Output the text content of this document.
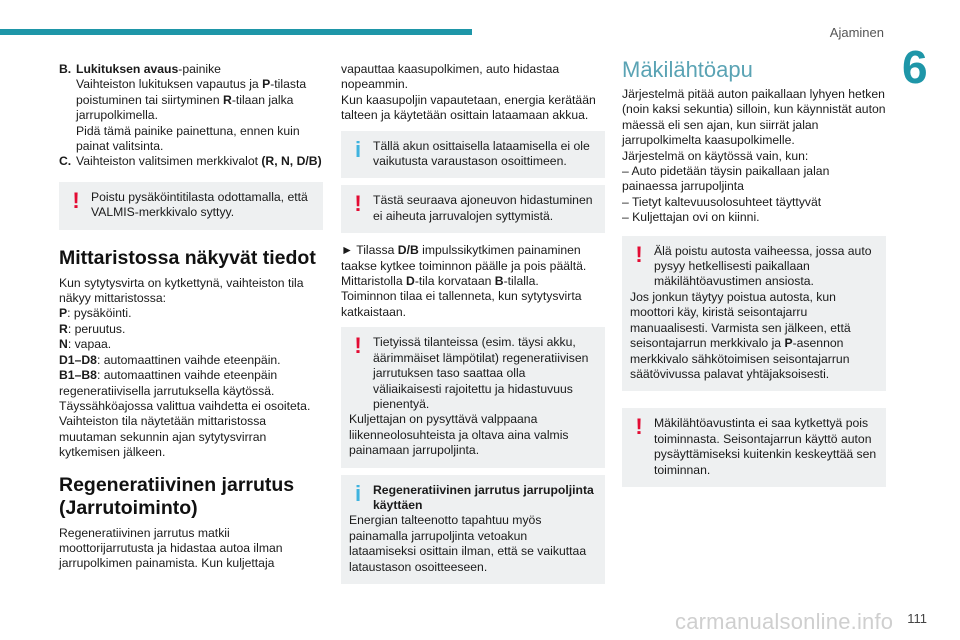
Ajaminen
6
B. Lukituksen avaus-painike

Vaihteiston lukituksen vapautus ja P-tilasta poistuminen tai siirtyminen R-tilaan jalka jarrupolkimella.

Pidä tämä painike painettuna, ennen kuin painat valitsinta.

C. Vaihteiston valitsimen merkkivalot (R, N, D/B)
! Poistu pysäköintitilasta odottamalla, että VALMIS-merkkivalo syttyy.

Mittaristossa näkyvät tiedot

Kun sytytysvirta on kytkettynä, vaihteiston tila näkyy mittaristossa:

P: pysäköinti.

R: peruutus.

N: vapaa.

D1–D8: automaattinen vaihde eteenpäin.

B1–B8: automaattinen vaihde eteenpäin regeneratiivisella jarrutuksella käytössä.

Täyssähköajossa valittua vaihdetta ei osoiteta.

Vaihteiston tila näytetään mittaristossa muutaman sekunnin ajan sytytysvirran kytkemisen jälkeen.

Regeneratiivinen jarrutus (Jarrutoiminto)

Regeneratiivinen jarrutus matkii moottorijarrutusta ja hidastaa autoa ilman jarrupolkimen painamista. Kun kuljettaja

vapauttaa kaasupolkimen, auto hidastaa nopeammin.

Kun kaasupoljin vapautetaan, energia kerätään talteen ja käytetään osittain lataamaan akkua.

i Tällä akun osittaisella lataamisella ei ole vaikutusta varaustason osoittimeen.

! Tästä seuraava ajoneuvon hidastuminen ei aiheuta jarruvalojen syttymistä.

► Tilassa D/B impulssikytkimen painaminen taakse kytkee toiminnon päälle ja pois päältä.

Mittaristolla D-tila korvataan B-tilalla.

Toiminnon tilaa ei tallenneta, kun sytytysvirta katkaistaan.

! Tietyissä tilanteissa (esim. täysi akku, äärimmäiset lämpötilat) regeneratiivisen jarrutuksen taso saattaa olla väliaikaisesti rajoitettu ja hidastuvuus pienentyä.

Kuljettajan on pysyttävä valppaana liikenneolosuhteista ja oltava aina valmis painamaan jarrupoljinta.

i Regeneratiivinen jarrutus jarrupoljinta käyttäen

Energian talteenotto tapahtuu myös painamalla jarrupoljinta vetoakun lataamiseksi osittain ilman, että se vaikuttaa lataustason osoitteeseen.

Mäkilähtöapu

Järjestelmä pitää auton paikallaan lyhyen hetken (noin kaksi sekuntia) silloin, kun käynnistät auton mäessä eli sen ajan, kun siirrät jalan jarrupolkimelta kaasupolkimelle.

Järjestelmä on käytössä vain, kun:

– Auto pidetään täysin paikallaan jalan painaessa jarrupoljinta

– Tietyt kaltevuusolosuhteet täyttyvät

– Kuljettajan ovi on kiinni.

! Älä poistu autosta vaiheessa, jossa auto pysyy hetkellisesti paikallaan mäkilähtöavustimen ansiosta.

Jos jonkun täytyy poistua autosta, kun moottori käy, kiristä seisontajarru manuaalisesti. Varmista sen jälkeen, että seisontajarrun merkkivalo ja P-asennon merkkivalo sähkötoimisen seisontajarrun säätövivussa palavat yhtäjaksoisesti.

! Mäkilähtöavustinta ei saa kytkettyä pois toiminnasta. Seisontajarrun käyttö auton pysäyttämiseksi kuitenkin keskeyttää sen toiminnan.

carmanualsonline.info 111
